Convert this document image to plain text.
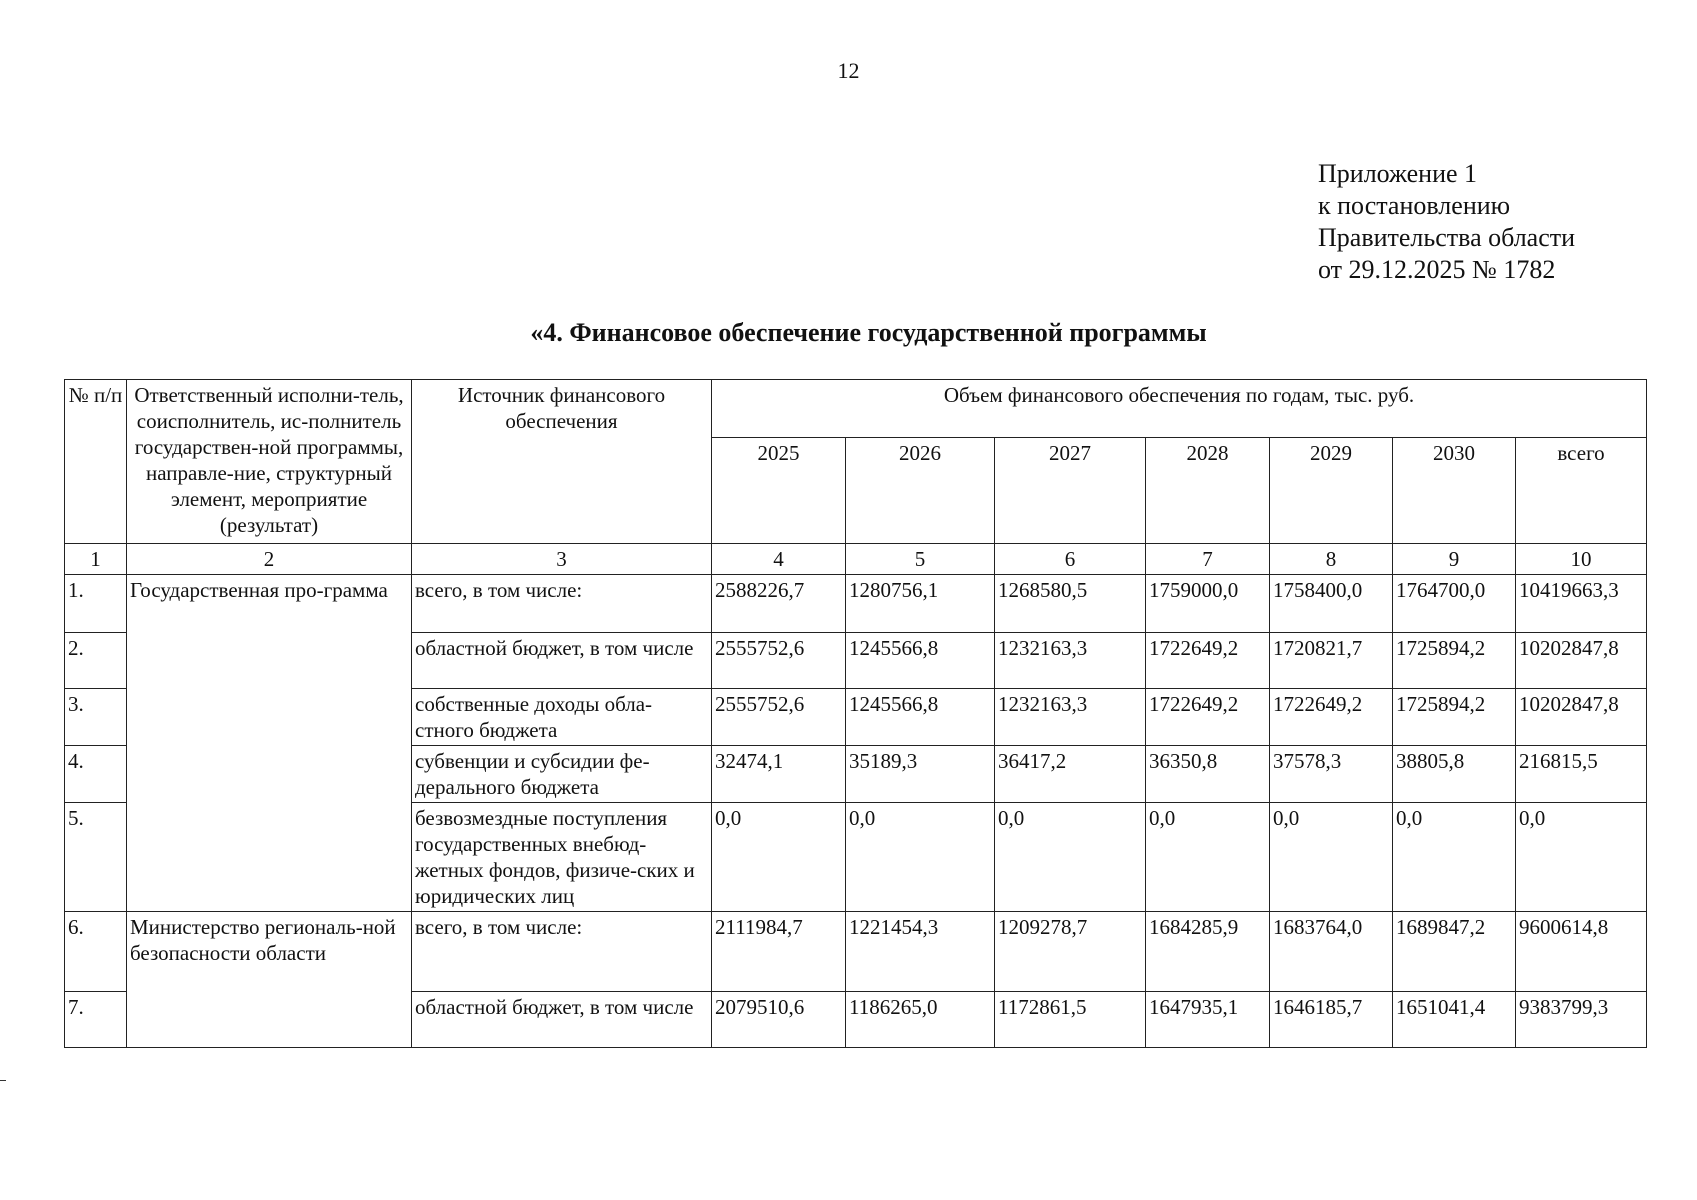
12
Приложение 1
к постановлению
Правительства области
от 29.12.2025 № 1782
«4. Финансовое обеспечение государственной программы
№ п/п	Ответственный исполни-тель, соисполнитель, ис-полнитель государствен-ной программы, направле-ние, структурный элемент, мероприятие (результат)	Источник финансового обеспечения	Объем финансового обеспечения по годам, тыс. руб.						
			2025	2026	2027	2028	2029	2030	всего
1	2	3	4	5	6	7	8	9	10
1.	Государственная про-грамма	всего, в том числе:	2588226,7	1280756,1	1268580,5	1759000,0	1758400,0	1764700,0	10419663,3
2.		областной бюджет, в том числе	2555752,6	1245566,8	1232163,3	1722649,2	1720821,7	1725894,2	10202847,8
3.		собственные доходы обла-стного бюджета	2555752,6	1245566,8	1232163,3	1722649,2	1722649,2	1725894,2	10202847,8
4.		субвенции и субсидии фе-дерального бюджета	32474,1	35189,3	36417,2	36350,8	37578,3	38805,8	216815,5
5.		безвозмездные поступления государственных внебюд-жетных фондов, физиче-ских и юридических лиц	0,0	0,0	0,0	0,0	0,0	0,0	0,0
6.	Министерство региональ-ной безопасности области	всего, в том числе:	2111984,7	1221454,3	1209278,7	1684285,9	1683764,0	1689847,2	9600614,8
7.		областной бюджет, в том числе	2079510,6	1186265,0	1172861,5	1647935,1	1646185,7	1651041,4	9383799,3
